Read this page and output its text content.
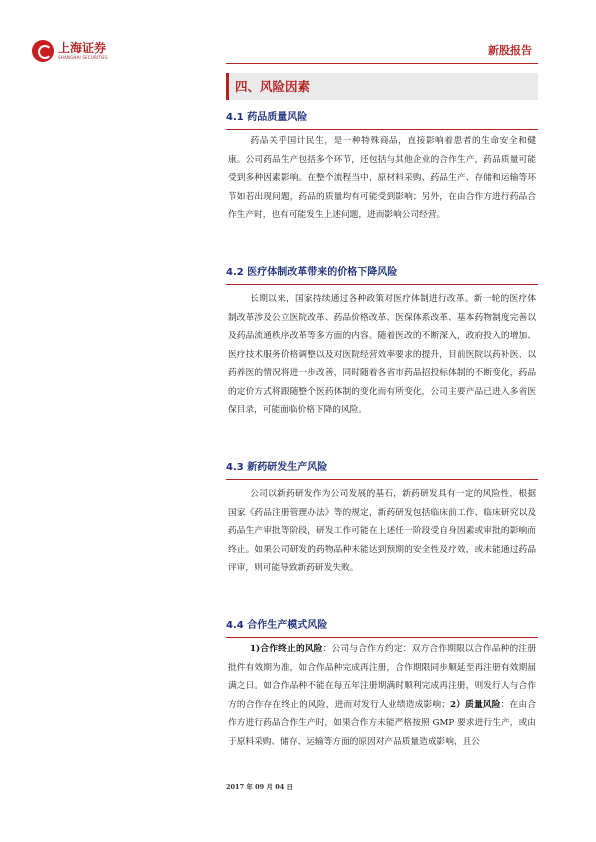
上海证券
SHANGHAI SECURITIES	新股报告
四、风险因素
4.1 药品质量风险
药品关乎国计民生，是一种特殊商品，直接影响着患者的生命安全和健康。公司药品生产包括多个环节，还包括与其他企业的合作生产，药品质量可能受到多种因素影响。在整个流程当中，原材料采购、药品生产、存储和运输等环节如若出现问题，药品的质量均有可能受到影响；另外，在由合作方进行药品合作生产时，也有可能发生上述问题，进而影响公司经营。
4.2 医疗体制改革带来的价格下降风险
长期以来，国家持续通过各种政策对医疗体制进行改革。新一轮的医疗体制改革涉及公立医院改革、药品价格改革、医保体系改革、基本药物制度完善以及药品流通秩序改革等多方面的内容。随着医改的不断深入，政府投入的增加、医疗技术服务价格调整以及对医院经营效率要求的提升，目前医院以药补医、以药养医的情况将进一步改善，同时随着各省市药品招投标体制的不断变化，药品的定价方式将跟随整个医药体制的变化而有所变化，公司主要产品已进入多省医保目录，可能面临价格下降的风险。
4.3 新药研发生产风险
公司以新药研发作为公司发展的基石，新药研发具有一定的风险性，根据国家《药品注册管理办法》等的规定，新药研发包括临床前工作、临床研究以及药品生产审批等阶段，研发工作可能在上述任一阶段受自身因素或审批的影响而终止。如果公司研发的药物品种未能达到预期的安全性及疗效，或未能通过药品评审，则可能导致新药研发失败。
4.4 合作生产模式风险
1)合作终止的风险：公司与合作方约定：双方合作期限以合作品种的注册批件有效期为准，如合作品种完成再注册，合作期限同步顺延至再注册有效期届满之日。如合作品种不能在每五年注册期满时顺利完成再注册，则发行人与合作方的合作存在终止的风险，进而对发行人业绩造成影响；2）质量风险：在由合作方进行药品合作生产时，如果合作方未能严格按照 GMP 要求进行生产，或由于原料采购、储存、运输等方面的原因对产品质量造成影响，且公
2017 年 09 月 04 日
